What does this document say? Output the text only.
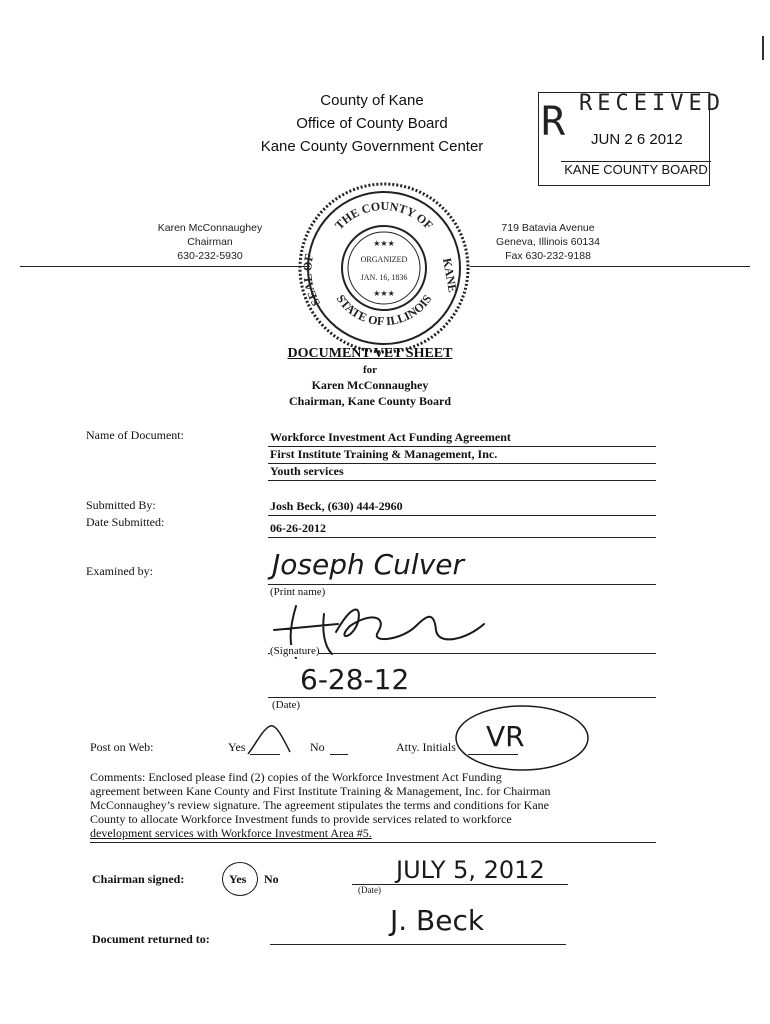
County of Kane
Office of County Board
Kane County Government Center
R RECEIVED
JUN 2 6 2012
KANE COUNTY BOARD
Karen McConnaughey
Chairman
630-232-5930
719 Batavia Avenue
Geneva, Illinois 60134
Fax 630-232-9188
THE COUNTY OF
STATE OF ILLINOIS
SEAL OF	KANE
ORGANIZED
JAN. 16, 1836
★★★
★★★
DOCUMENT VET SHEET
for
Karen McConnaughey
Chairman, Kane County Board
Name of Document:	Workforce Investment Act Funding Agreement
First Institute Training & Management, Inc.
Youth services
Submitted By:	Josh Beck, (630) 444-2960
Date Submitted:	06-26-2012
Examined by:	Joseph Culver
(Print name)
(Signature)
6-28-12
(Date)
Post on Web:	Yes	No	Atty. Initials VR
Comments: Enclosed please find (2) copies of the Workforce Investment Act Funding
agreement between Kane County and First Institute Training & Management, Inc. for Chairman
McConnaughey’s review signature. The agreement stipulates the terms and conditions for Kane
County to allocate Workforce Investment funds to provide services related to workforce
development services with Workforce Investment Area #5.
Chairman signed:	Yes No	JULY 5, 2012
(Date)
Document returned to:
J. Beck
